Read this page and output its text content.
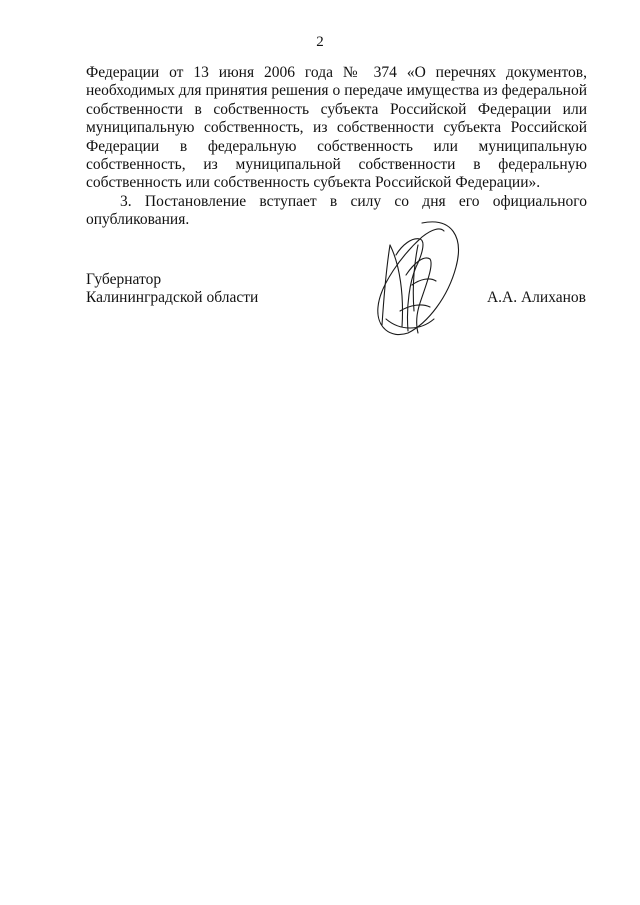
2

Федерации от 13 июня 2006 года № 374 «О перечнях документов, необходимых для принятия решения о передаче имущества из федеральной собственности в собственность субъекта Российской Федерации или муниципальную собственность, из собственности субъекта Российской Федерации в федеральную собственность или муниципальную собственность, из муниципальной собственности в федеральную собственность или собственность субъекта Российской Федерации».

3. Постановление вступает в силу со дня его официального опубликования.

Губернатор
Калининградской области	А.А. Алиханов
